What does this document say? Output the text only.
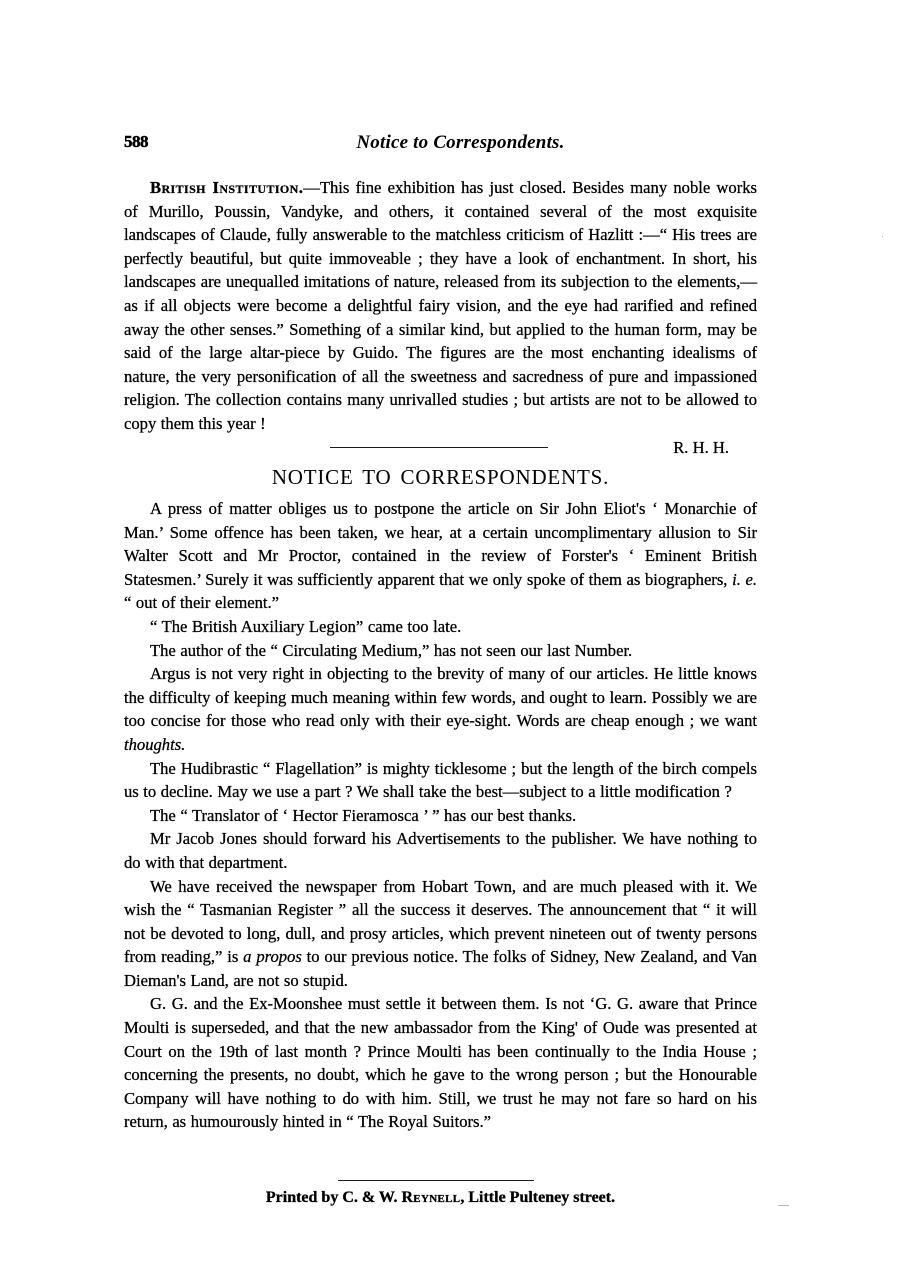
588	Notice to Correspondents.

British Institution.—This fine exhibition has just closed. Besides many noble works of Murillo, Poussin, Vandyke, and others, it contained several of the most exquisite landscapes of Claude, fully answerable to the matchless criticism of Hazlitt :—“ His trees are perfectly beautiful, but quite immoveable ; they have a look of enchantment. In short, his landscapes are unequalled imitations of nature, released from its subjection to the elements,—as if all objects were become a delightful fairy vision, and the eye had rarified and refined away the other senses.” Something of a similar kind, but applied to the human form, may be said of the large altar-piece by Guido. The figures are the most enchanting idealisms of nature, the very personification of all the sweetness and sacredness of pure and impassioned religion. The collection contains many unrivalled studies ; but artists are not to be allowed to copy them this year !

R. H. H.

NOTICE TO CORRESPONDENTS.

A press of matter obliges us to postpone the article on Sir John Eliot's ‘ Monarchie of Man.’ Some offence has been taken, we hear, at a certain uncomplimentary allusion to Sir Walter Scott and Mr Proctor, contained in the review of Forster's ‘ Eminent British Statesmen.’ Surely it was sufficiently apparent that we only spoke of them as biographers, i. e. “ out of their element.”

“ The British Auxiliary Legion” came too late.

The author of the “ Circulating Medium,” has not seen our last Number.

Argus is not very right in objecting to the brevity of many of our articles. He little knows the difficulty of keeping much meaning within few words, and ought to learn. Possibly we are too concise for those who read only with their eye-sight. Words are cheap enough ; we want thoughts.

The Hudibrastic “ Flagellation” is mighty ticklesome ; but the length of the birch compels us to decline. May we use a part ? We shall take the best—subject to a little modification ?

The “ Translator of ‘ Hector Fieramosca ’ ” has our best thanks.

Mr Jacob Jones should forward his Advertisements to the publisher. We have nothing to do with that department.

We have received the newspaper from Hobart Town, and are much pleased with it. We wish the “ Tasmanian Register ” all the success it deserves. The announcement that “ it will not be devoted to long, dull, and prosy articles, which prevent nineteen out of twenty persons from reading,” is a propos to our previous notice. The folks of Sidney, New Zealand, and Van Dieman's Land, are not so stupid.

G. G. and the Ex-Moonshee must settle it between them. Is not ‘G. G. aware that Prince Moulti is superseded, and that the new ambassador from the King' of Oude was presented at Court on the 19th of last month ? Prince Moulti has been continually to the India House ; concerning the presents, no doubt, which he gave to the wrong person ; but the Honourable Company will have nothing to do with him. Still, we trust he may not fare so hard on his return, as humourously hinted in “ The Royal Suitors.”

Printed by C. & W. Reynell, Little Pulteney street.
